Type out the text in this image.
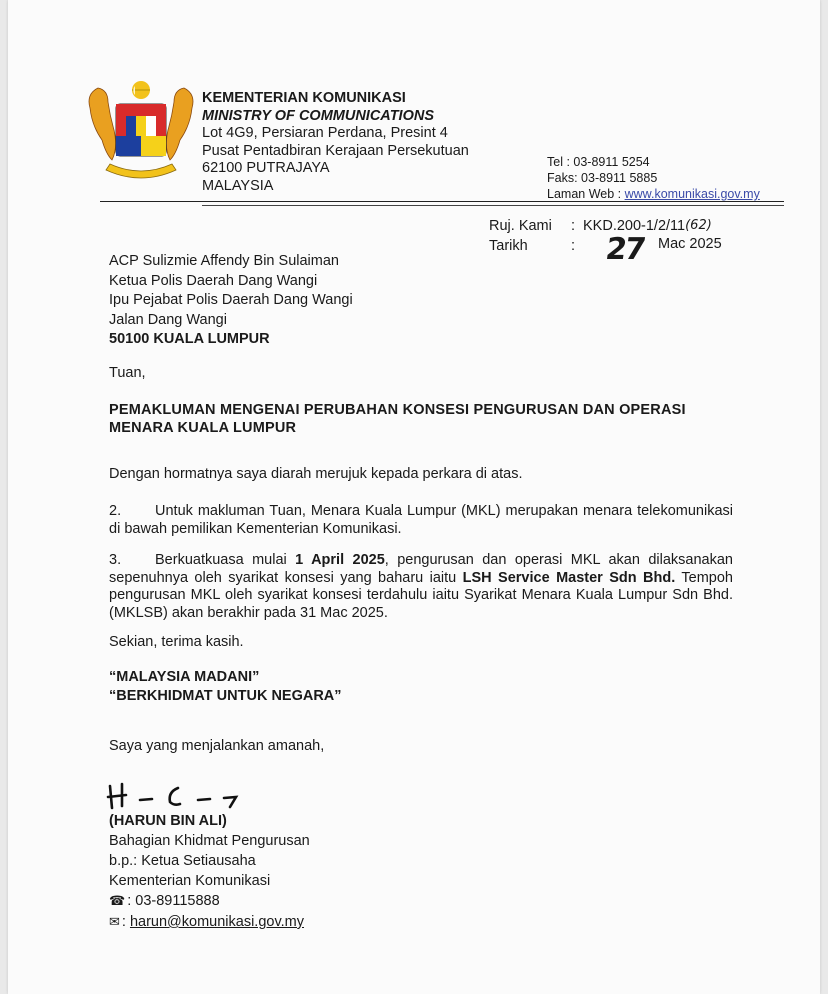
KEMENTERIAN KOMUNIKASI
MINISTRY OF COMMUNICATIONS
Lot 4G9, Persiaran Perdana, Presint 4
Pusat Pentadbiran Kerajaan Persekutuan
62100 PUTRAJAYA
MALAYSIA
Tel : 03-8911 5254
Faks: 03-8911 5885
Laman Web : www.komunikasi.gov.my
Ruj. Kami	: KKD.200-1/2/11 (62)
Tarikh	: 27 Mac 2025
ACP Sulizmie Affendy Bin Sulaiman
Ketua Polis Daerah Dang Wangi
Ipu Pejabat Polis Daerah Dang Wangi
Jalan Dang Wangi
50100 KUALA LUMPUR
Tuan,
PEMAKLUMAN MENGENAI PERUBAHAN KONSESI PENGURUSAN DAN OPERASI MENARA KUALA LUMPUR
Dengan hormatnya saya diarah merujuk kepada perkara di atas.
2. Untuk makluman Tuan, Menara Kuala Lumpur (MKL) merupakan menara telekomunikasi di bawah pemilikan Kementerian Komunikasi.
3. Berkuatkuasa mulai 1 April 2025, pengurusan dan operasi MKL akan dilaksanakan sepenuhnya oleh syarikat konsesi yang baharu iaitu LSH Service Master Sdn Bhd. Tempoh pengurusan MKL oleh syarikat konsesi terdahulu iaitu Syarikat Menara Kuala Lumpur Sdn Bhd. (MKLSB) akan berakhir pada 31 Mac 2025.
Sekian, terima kasih.
“MALAYSIA MADANI”
“BERKHIDMAT UNTUK NEGARA”
Saya yang menjalankan amanah,
(HARUN BIN ALI)
Bahagian Khidmat Pengurusan
b.p.: Ketua Setiausaha
Kementerian Komunikasi
☎ : 03-89115888
✉ : harun@komunikasi.gov.my
